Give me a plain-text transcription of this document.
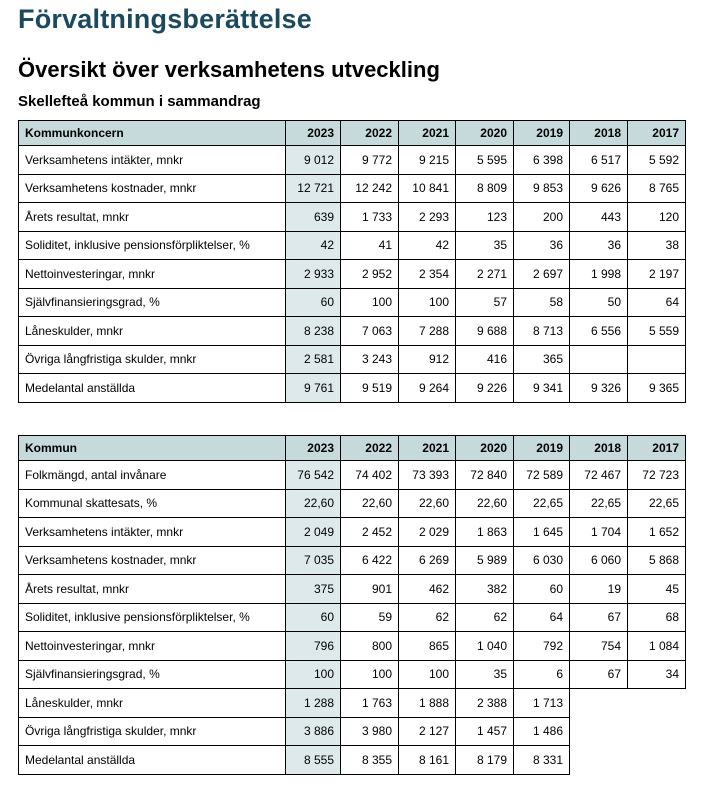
Förvaltningsberättelse
Översikt över verksamhetens utveckling
Skellefteå kommun i sammandrag
Kommunkoncern	2023	2022	2021	2020	2019	2018	2017
Verksamhetens intäkter, mnkr	9 012	9 772	9 215	5 595	6 398	6 517	5 592
Verksamhetens kostnader, mnkr	12 721	12 242	10 841	8 809	9 853	9 626	8 765
Årets resultat, mnkr	639	1 733	2 293	123	200	443	120
Soliditet, inklusive pensionsförpliktelser, %	42	41	42	35	36	36	38
Nettoinvesteringar, mnkr	2 933	2 952	2 354	2 271	2 697	1 998	2 197
Självfinansieringsgrad, %	60	100	100	57	58	50	64
Låneskulder, mnkr	8 238	7 063	7 288	9 688	8 713	6 556	5 559
Övriga långfristiga skulder, mnkr	2 581	3 243	912	416	365		
Medelantal anställda	9 761	9 519	9 264	9 226	9 341	9 326	9 365
Kommun	2023	2022	2021	2020	2019	2018	2017
Folkmängd, antal invånare	76 542	74 402	73 393	72 840	72 589	72 467	72 723
Kommunal skattesats, %	22,60	22,60	22,60	22,60	22,65	22,65	22,65
Verksamhetens intäkter, mnkr	2 049	2 452	2 029	1 863	1 645	1 704	1 652
Verksamhetens kostnader, mnkr	7 035	6 422	6 269	5 989	6 030	6 060	5 868
Årets resultat, mnkr	375	901	462	382	60	19	45
Soliditet, inklusive pensionsförpliktelser, %	60	59	62	62	64	67	68
Nettoinvesteringar, mnkr	796	800	865	1 040	792	754	1 084
Självfinansieringsgrad, %	100	100	100	35	6	67	34
Låneskulder, mnkr	1 288	1 763	1 888	2 388	1 713		
Övriga långfristiga skulder, mnkr	3 886	3 980	2 127	1 457	1 486		
Medelantal anställda	8 555	8 355	8 161	8 179	8 331		
